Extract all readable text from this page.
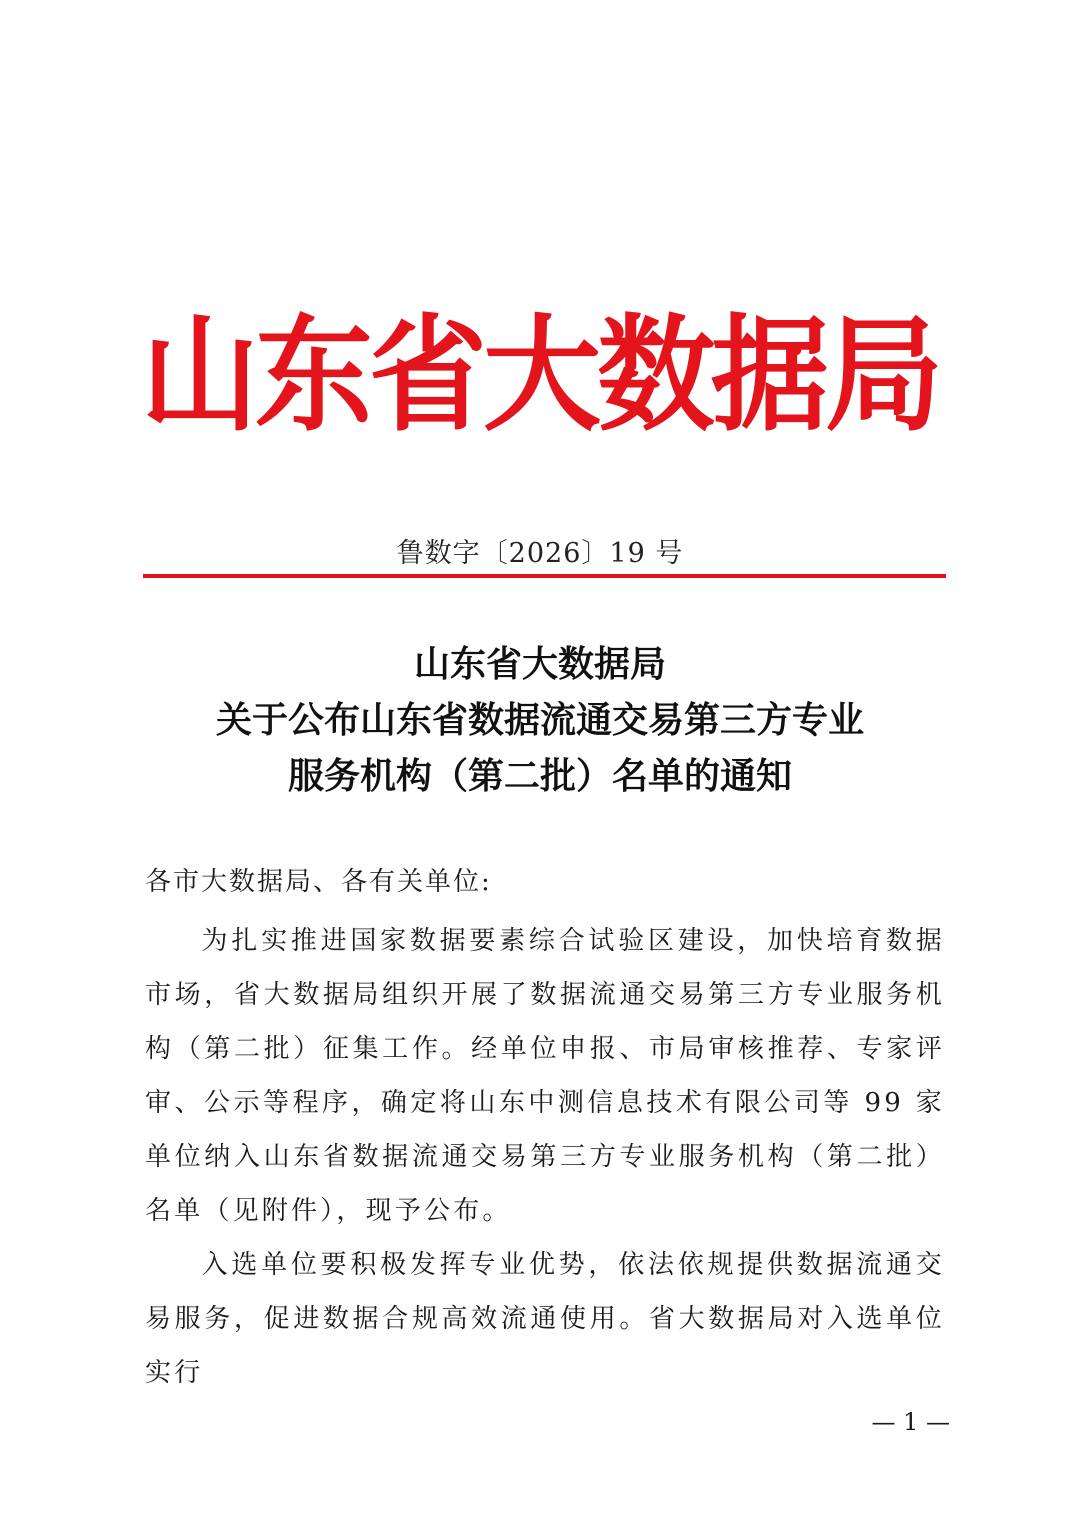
山东省大数据局
鲁数字〔2026〕19 号
山东省大数据局
关于公布山东省数据流通交易第三方专业
服务机构（第二批）名单的通知
各市大数据局、各有关单位:
为扎实推进国家数据要素综合试验区建设，加快培育数据市场，省大数据局组织开展了数据流通交易第三方专业服务机构（第二批）征集工作。经单位申报、市局审核推荐、专家评审、公示等程序，确定将山东中测信息技术有限公司等 99 家单位纳入山东省数据流通交易第三方专业服务机构（第二批）名单（见附件），现予公布。
入选单位要积极发挥专业优势，依法依规提供数据流通交易服务，促进数据合规高效流通使用。省大数据局对入选单位实行
— 1 —
